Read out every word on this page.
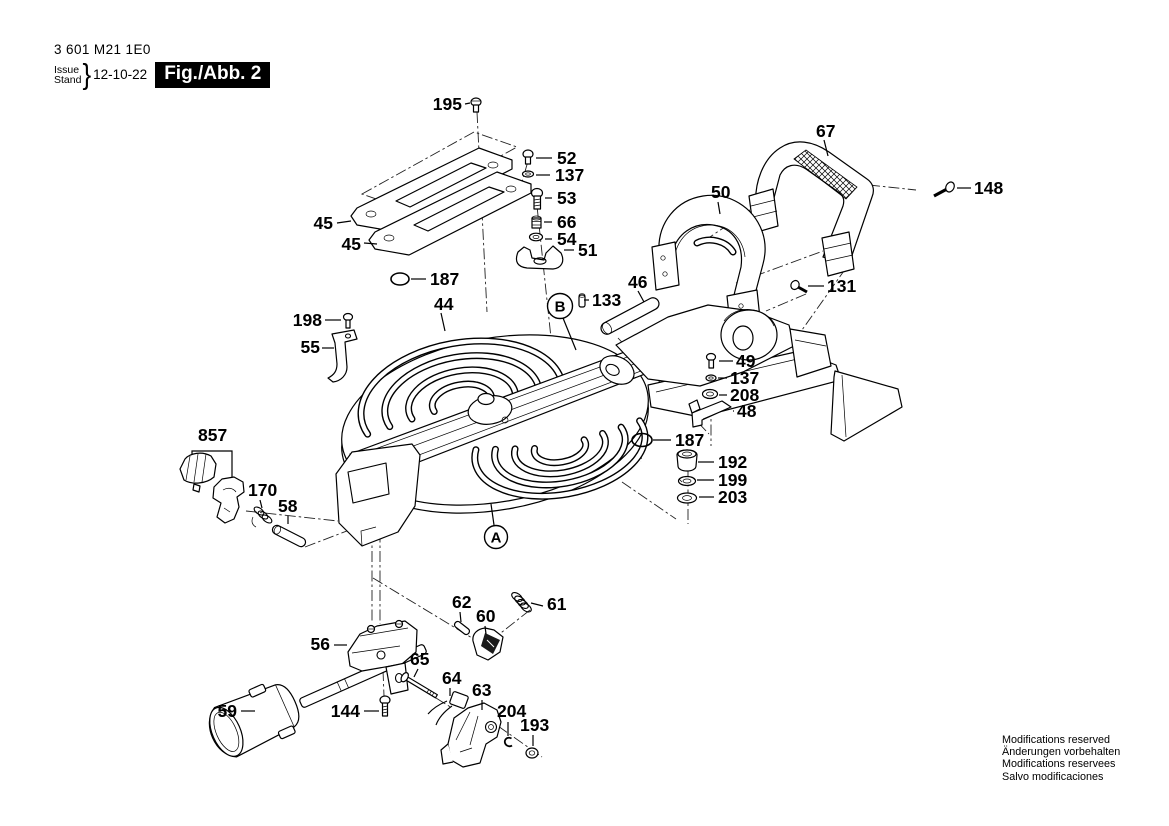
3 601 M21 1E0
Issue
Stand } 12-10-22 Fig./Abb. 2
A
B
195
52
137
53
66
54
51
45
45
187
44
198
55
133
46
67
50	148
131
49
137
208
48
187
192
199
203
857
170
58
62
60
61
56
65
64
63
59	144	204
193
Modifications reserved
Änderungen vorbehalten
Modifications reservees
Salvo modificaciones
